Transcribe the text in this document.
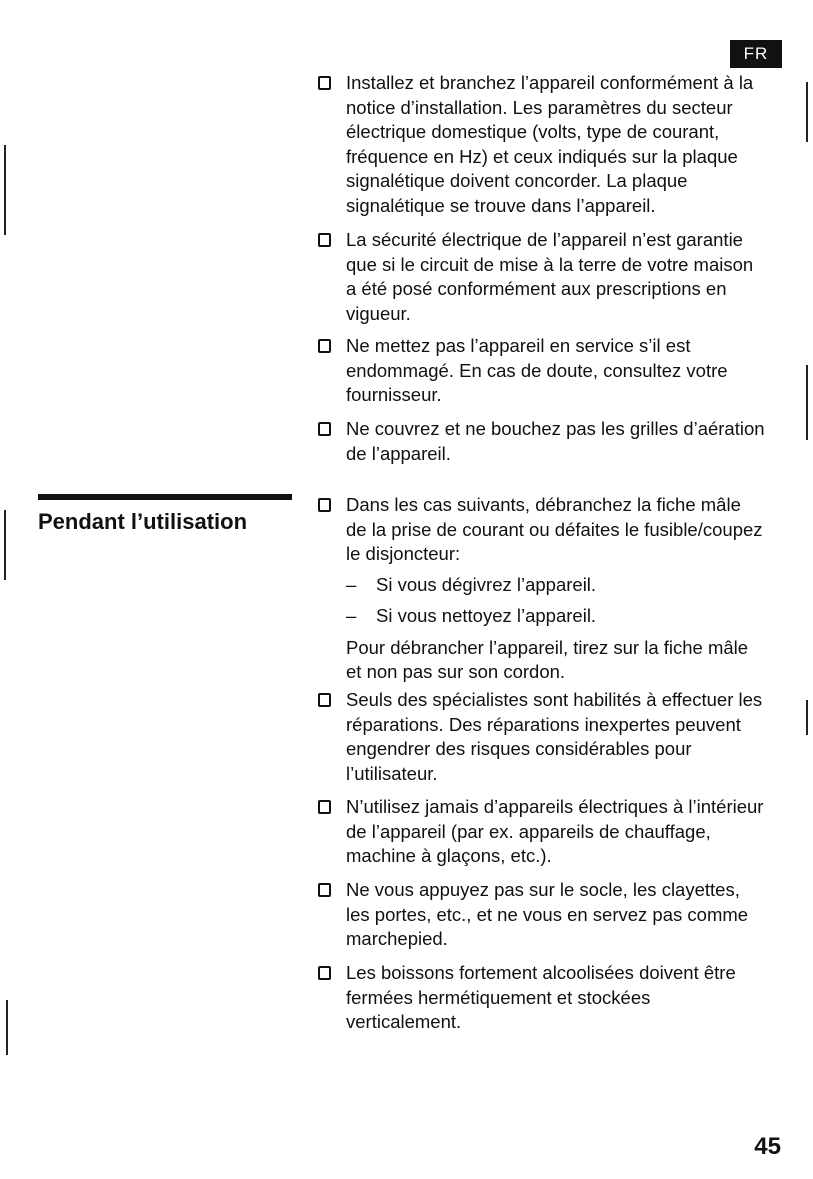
FR
Pendant l’utilisation

Installez et branchez l’appareil conformément à la
notice d’installation. Les paramètres du secteur
électrique domestique (volts, type de courant,
fréquence en Hz) et ceux indiqués sur la plaque
signalétique doivent concorder. La plaque
signalétique se trouve dans l’appareil.

La sécurité électrique de l’appareil n’est garantie
que si le circuit de mise à la terre de votre maison
a été posé conformément aux prescriptions en
vigueur.

Ne mettez pas l’appareil en service s’il est
endommagé. En cas de doute, consultez votre
fournisseur.

Ne couvrez et ne bouchez pas les grilles d’aération
de l’appareil.

Dans les cas suivants, débranchez la fiche mâle
de la prise de courant ou défaites le fusible/coupez
le disjoncteur:

– Si vous dégivrez l’appareil.
– Si vous nettoyez l’appareil.

Pour débrancher l’appareil, tirez sur la fiche mâle
et non pas sur son cordon.

Seuls des spécialistes sont habilités à effectuer les
réparations. Des réparations inexpertes peuvent
engendrer des risques considérables pour
l’utilisateur.

N’utilisez jamais d’appareils électriques à l’intérieur
de l’appareil (par ex. appareils de chauffage,
machine à glaçons, etc.).

Ne vous appuyez pas sur le socle, les clayettes,
les portes, etc., et ne vous en servez pas comme
marchepied.

Les boissons fortement alcoolisées doivent être
fermées hermétiquement et stockées
verticalement.

45
